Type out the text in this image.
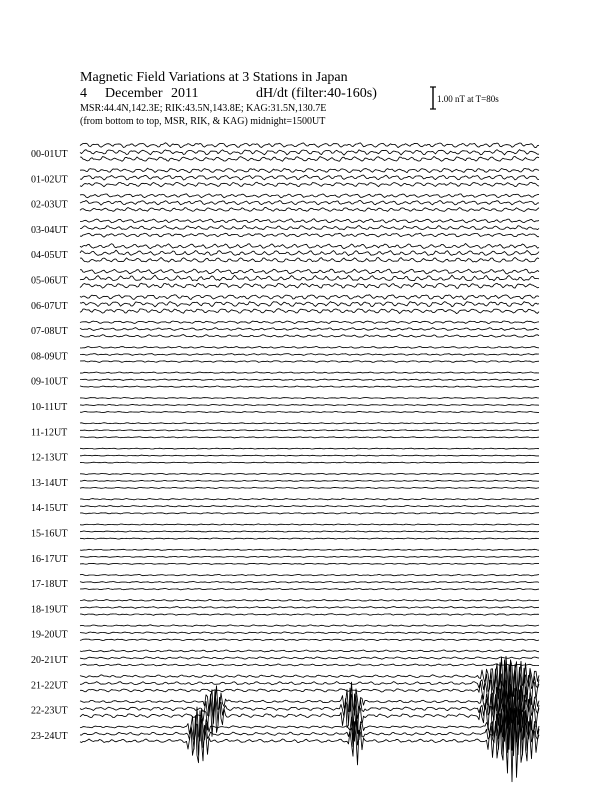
Magnetic Field Variations at 3 Stations in Japan
4 December 2011	dH/dt (filter:40-160s)
MSR:44.4N,142.3E; RIK:43.5N,143.8E; KAG:31.5N,130.7E
(from bottom to top, MSR, RIK, & KAG) midnight=1500UT
1.00 nT at T=80s
00-01UT
01-02UT
02-03UT
03-04UT
04-05UT
05-06UT
06-07UT
07-08UT
08-09UT
09-10UT
10-11UT
11-12UT
12-13UT
13-14UT
14-15UT
15-16UT
16-17UT
17-18UT
18-19UT
19-20UT
20-21UT
21-22UT
22-23UT
23-24UT
